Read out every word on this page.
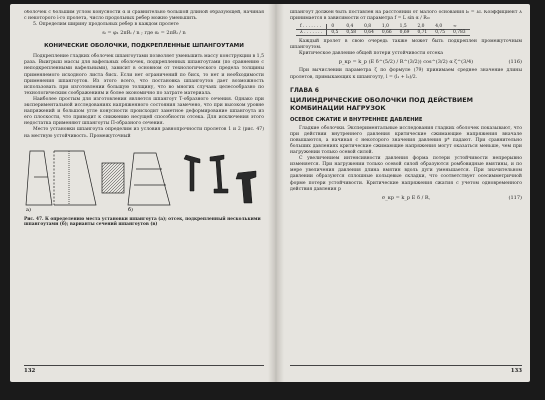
оболочек с большим углом конусности α и сравнительно большой длиной образующей, начиная с некоторого i-го пролета, число продольных ребер можно уменьшить.

5. Определим ширину продольных ребер в каждом пролете

sᵢ = φ₁ 2πRᵢ / n ; где αᵢ = 2πRᵢ / n
КОНИЧЕСКИЕ ОБОЛОЧКИ, ПОДКРЕПЛЕННЫЕ ШПАНГОУТАМИ

Подкрепление гладких оболочек шпангоутами позволяет уменьшить массу конструкции в 1,5 раза. Выигрыш массы для вафельных оболочек, подкрепленных шпангоутами (по сравнению с неподкрепленными вафельными), зависит в основном от технологического предела толщины применяемого исходного листа δисх. Если нет ограничений по δисх, то нет и необходимости применения шпангоутов. Из этого всего, что постановка шпангоутов дает возможность использовать при изготовлении большую толщину, что во многих случаях целесообразно по технологическим соображениям и более экономично по затрате материала.

Наиболее простым для изготовления является шпангоут Т-образного сечения. Однако при экспериментальной исследованиях напряженного состояния замечено, что при высоком уровне напряжений и большом угле конусности происходит заметное деформирование шпангоута из его плоскости, что приводит к снижению несущей способности отсека. Для исключения этого недостатка применяют шпангоуты П-образного сечения.

Место установки шпангоута определим из условия равнопрочности пролетов 1 и 2 (рис. 47) на местную устойчивость. Промежуточный

а)	б)

Рис. 47. К определению места установки шпангоута (а); отсек, подкрепленный несколькими шпангоутами (б); варианты сечений шпангоутов (в)

132

шпангоут должен быть поставлен на расстоянии от малого основания l₀ = λl. Коэффициент λ принимается в зависимости от параметра f = L sin α / R₀:

f . . . . . . .	0	0,4	0,8	1,0	1,5	2,0	4,0	∞
λ . . . . . . .	0,5	0,58	0,64	0,66	0,69	0,71	0,75	0,783

Каждый пролет в свою очередь также может быть подкреплен промежуточным шпангоутом.

Критическое давление общей потери устойчивости отсека

p_кр = k_p (E δ^(5/2) / R^(3/2)) cos^(3/2) α ζ^(3/4)	(116)

При вычислении параметра ζ по формуле (79) принимаем среднее значение длины пролетов, примыкающих к шпангоуту, l = (l₁ + l₂)/2.

ГЛАВА 6
ЦИЛИНДРИЧЕСКИЕ ОБОЛОЧКИ ПОД ДЕЙСТВИЕМ КОМБИНАЦИИ НАГРУЗОК
ОСЕВОЕ СЖАТИЕ И ВНУТРЕННЕЕ ДАВЛЕНИЕ

Гладкие оболочки. Экспериментальные исследования гладких оболочек показывают, что при действии внутреннего давления критические сжимающие напряжения вначале повышаются, а начиная с некоторого значения давления p* падают. При сравнительно больших давлениях критические сжимающие напряжения могут оказаться меньше, чем при нагружении только осевой силой.

С увеличением интенсивности давления форма потери устойчивости непрерывно изменяется. При нагружении только осевой силой образуются ромбовидные вмятины, и по мере увеличения давления длина вмятин вдоль дуги уменьшается. При значительном давлении образуются сплошные кольцевые складки, что соответствует осесимметричной форме потери устойчивости. Критические напряжения сжатия с учетом одновременного действия давления p

σ_кр = k_p E δ / R,	(117)
133
